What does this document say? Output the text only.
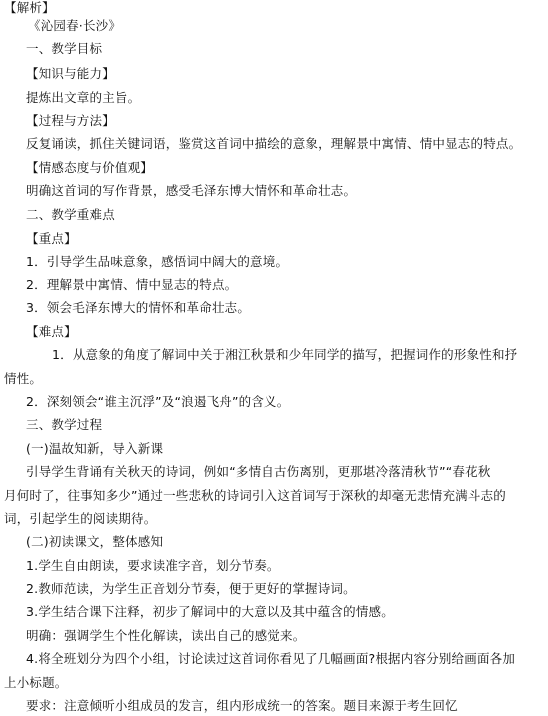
【解析】
《沁园春·长沙》
一、教学目标
【知识与能力】
提炼出文章的主旨。
【过程与方法】
反复诵读，抓住关键词语，鉴赏这首词中描绘的意象，理解景中寓情、情中显志的特点。
【情感态度与价值观】
明确这首词的写作背景，感受毛泽东博大情怀和革命壮志。
二、教学重难点
【重点】
1．引导学生品味意象，感悟词中阔大的意境。
2．理解景中寓情、情中显志的特点。
3．领会毛泽东博大的情怀和革命壮志。
【难点】
1．从意象的角度了解词中关于湘江秋景和少年同学的描写，把握词作的形象性和抒
情性。
2．深刻领会“谁主沉浮”及“浪遏飞舟”的含义。
三、教学过程
(一)温故知新，导入新课
引导学生背诵有关秋天的诗词，例如“多情自古伤离别，更那堪冷落清秋节”“春花秋
月何时了，往事知多少”通过一些悲秋的诗词引入这首词写于深秋的却毫无悲情充满斗志的
词，引起学生的阅读期待。
(二)初读课文，整体感知
1.学生自由朗读，要求读准字音，划分节奏。
2.教师范读，为学生正音划分节奏，便于更好的掌握诗词。
3.学生结合课下注释，初步了解词中的大意以及其中蕴含的情感。
明确：强调学生个性化解读，读出自己的感觉来。
4.将全班划分为四个小组，讨论读过这首词你看见了几幅画面?根据内容分别给画面各加
上小标题。
要求：注意倾听小组成员的发言，组内形成统一的答案。题目来源于考生回忆
